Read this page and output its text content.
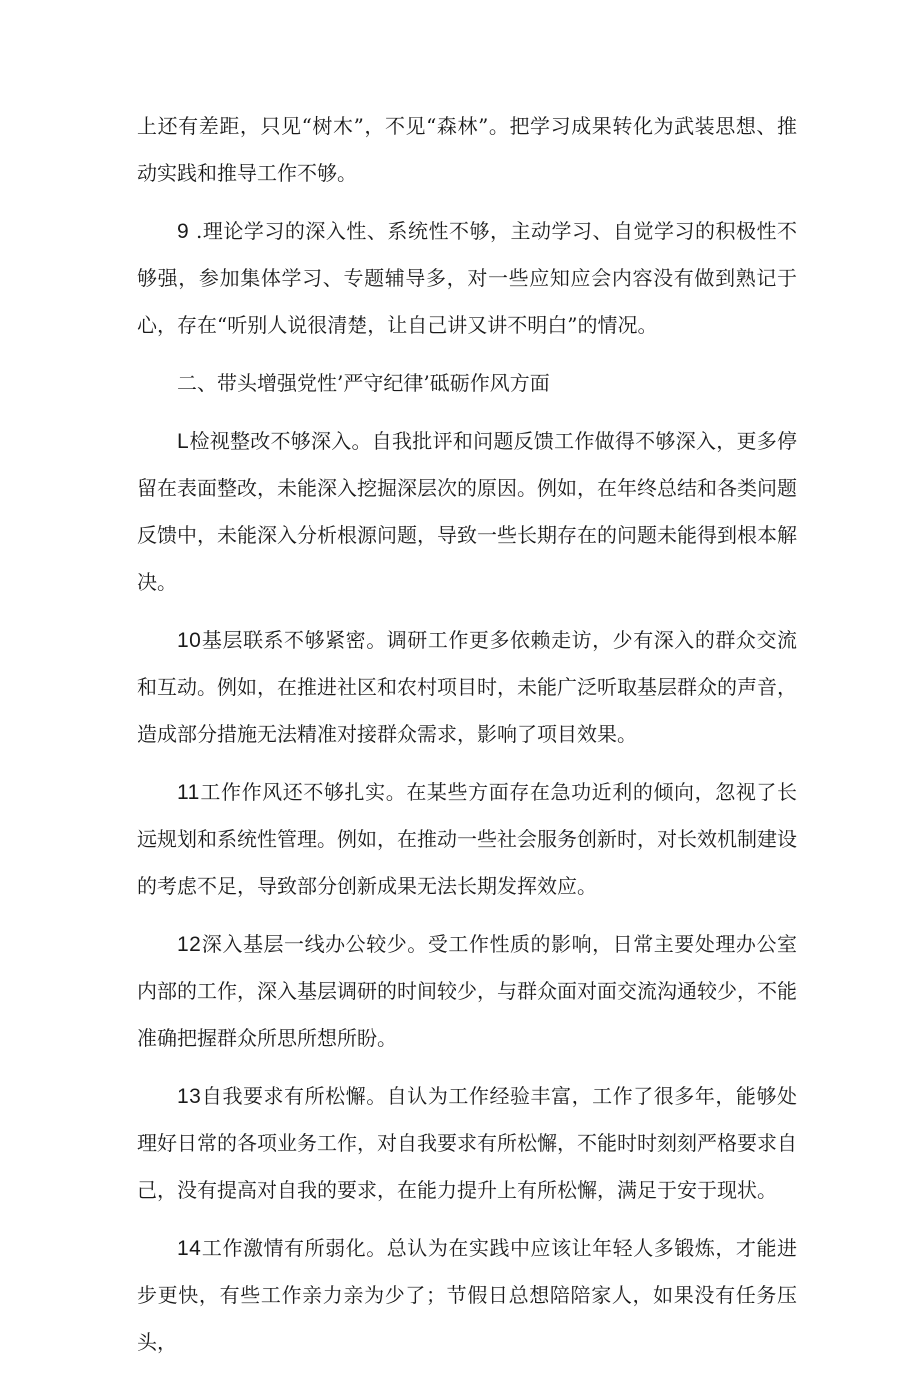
上还有差距，只见“树木”，不见“森林”。把学习成果转化为武装思想、推动实践和推导工作不够。

9 .理论学习的深入性、系统性不够，主动学习、自觉学习的积极性不够强，参加集体学习、专题辅导多，对一些应知应会内容没有做到熟记于心，存在“听别人说很清楚，让自己讲又讲不明白”的情况。

二、带头增强党性’严守纪律’砥砺作风方面

L检视整改不够深入。自我批评和问题反馈工作做得不够深入，更多停留在表面整改，未能深入挖掘深层次的原因。例如，在年终总结和各类问题反馈中，未能深入分析根源问题，导致一些长期存在的问题未能得到根本解决。

10基层联系不够紧密。调研工作更多依赖走访，少有深入的群众交流和互动。例如，在推进社区和农村项目时，未能广泛听取基层群众的声音，造成部分措施无法精准对接群众需求，影响了项目效果。

11工作作风还不够扎实。在某些方面存在急功近利的倾向，忽视了长远规划和系统性管理。例如，在推动一些社会服务创新时，对长效机制建设的考虑不足，导致部分创新成果无法长期发挥效应。

12深入基层一线办公较少。受工作性质的影响，日常主要处理办公室内部的工作，深入基层调研的时间较少，与群众面对面交流沟通较少，不能准确把握群众所思所想所盼。

13自我要求有所松懈。自认为工作经验丰富，工作了很多年，能够处理好日常的各项业务工作，对自我要求有所松懈，不能时时刻刻严格要求自己，没有提高对自我的要求，在能力提升上有所松懈，满足于安于现状。

14工作激情有所弱化。总认为在实践中应该让年轻人多锻炼，才能进步更快，有些工作亲力亲为少了；节假日总想陪陪家人，如果没有任务压头，
